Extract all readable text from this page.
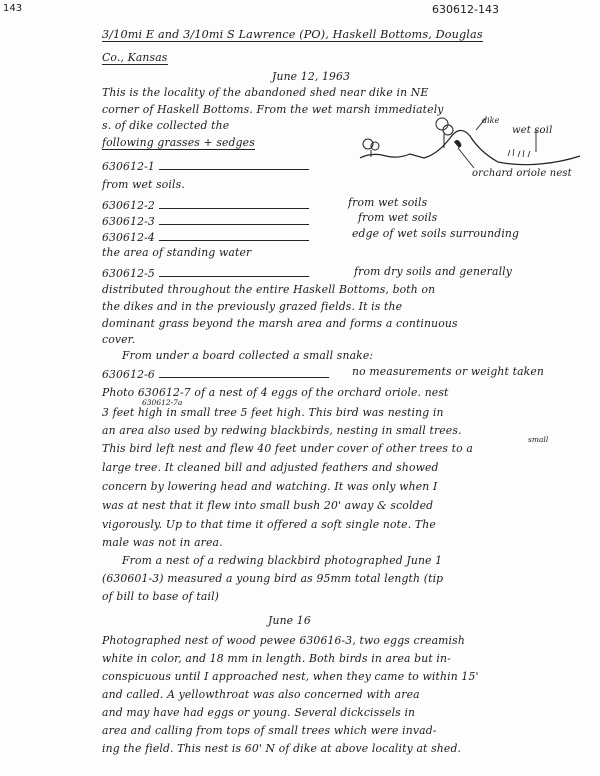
143	630612-143
3/10mi E and 3/10mi S Lawrence (PO), Haskell Bottoms, Douglas
Co., Kansas
June 12, 1963
This is the locality of the abandoned shed near dike in NE
corner of Haskell Bottoms. From the wet marsh immediately
s. of dike collected the
following grasses + sedges
630612-1
from wet soils.
630612-2	from wet soils
630612-3	from wet soils
630612-4	edge of wet soils surrounding
the area of standing water
630612-5	from dry soils and generally
dike
wet soil
orchard oriole nest
distributed throughout the entire Haskell Bottoms, both on
the dikes and in the previously grazed fields. It is the
dominant grass beyond the marsh area and forms a continuous
cover.
From under a board collected a small snake:
630612-6	no measurements or weight taken
Photo 630612-7 of a nest of 4 eggs of the orchard oriole. nest
630612-7a
3 feet high in small tree 5 feet high. This bird was nesting in
an area also used by redwing blackbirds, nesting in small trees.
small
This bird left nest and flew 40 feet under cover of other trees to a
large tree. It cleaned bill and adjusted feathers and showed
concern by lowering head and watching. It was only when I
was at nest that it flew into small bush 20' away & scolded
vigorously. Up to that time it offered a soft single note. The
male was not in area.
From a nest of a redwing blackbird photographed June 1
(630601-3) measured a young bird as 95mm total length (tip
of bill to base of tail)
June 16
Photographed nest of wood pewee 630616-3, two eggs creamish
white in color, and 18 mm in length. Both birds in area but in-
conspicuous until I approached nest, when they came to within 15'
and called. A yellowthroat was also concerned with area
and may have had eggs or young. Several dickcissels in
area and calling from tops of small trees which were invad-
ing the field. This nest is 60' N of dike at above locality at shed.
